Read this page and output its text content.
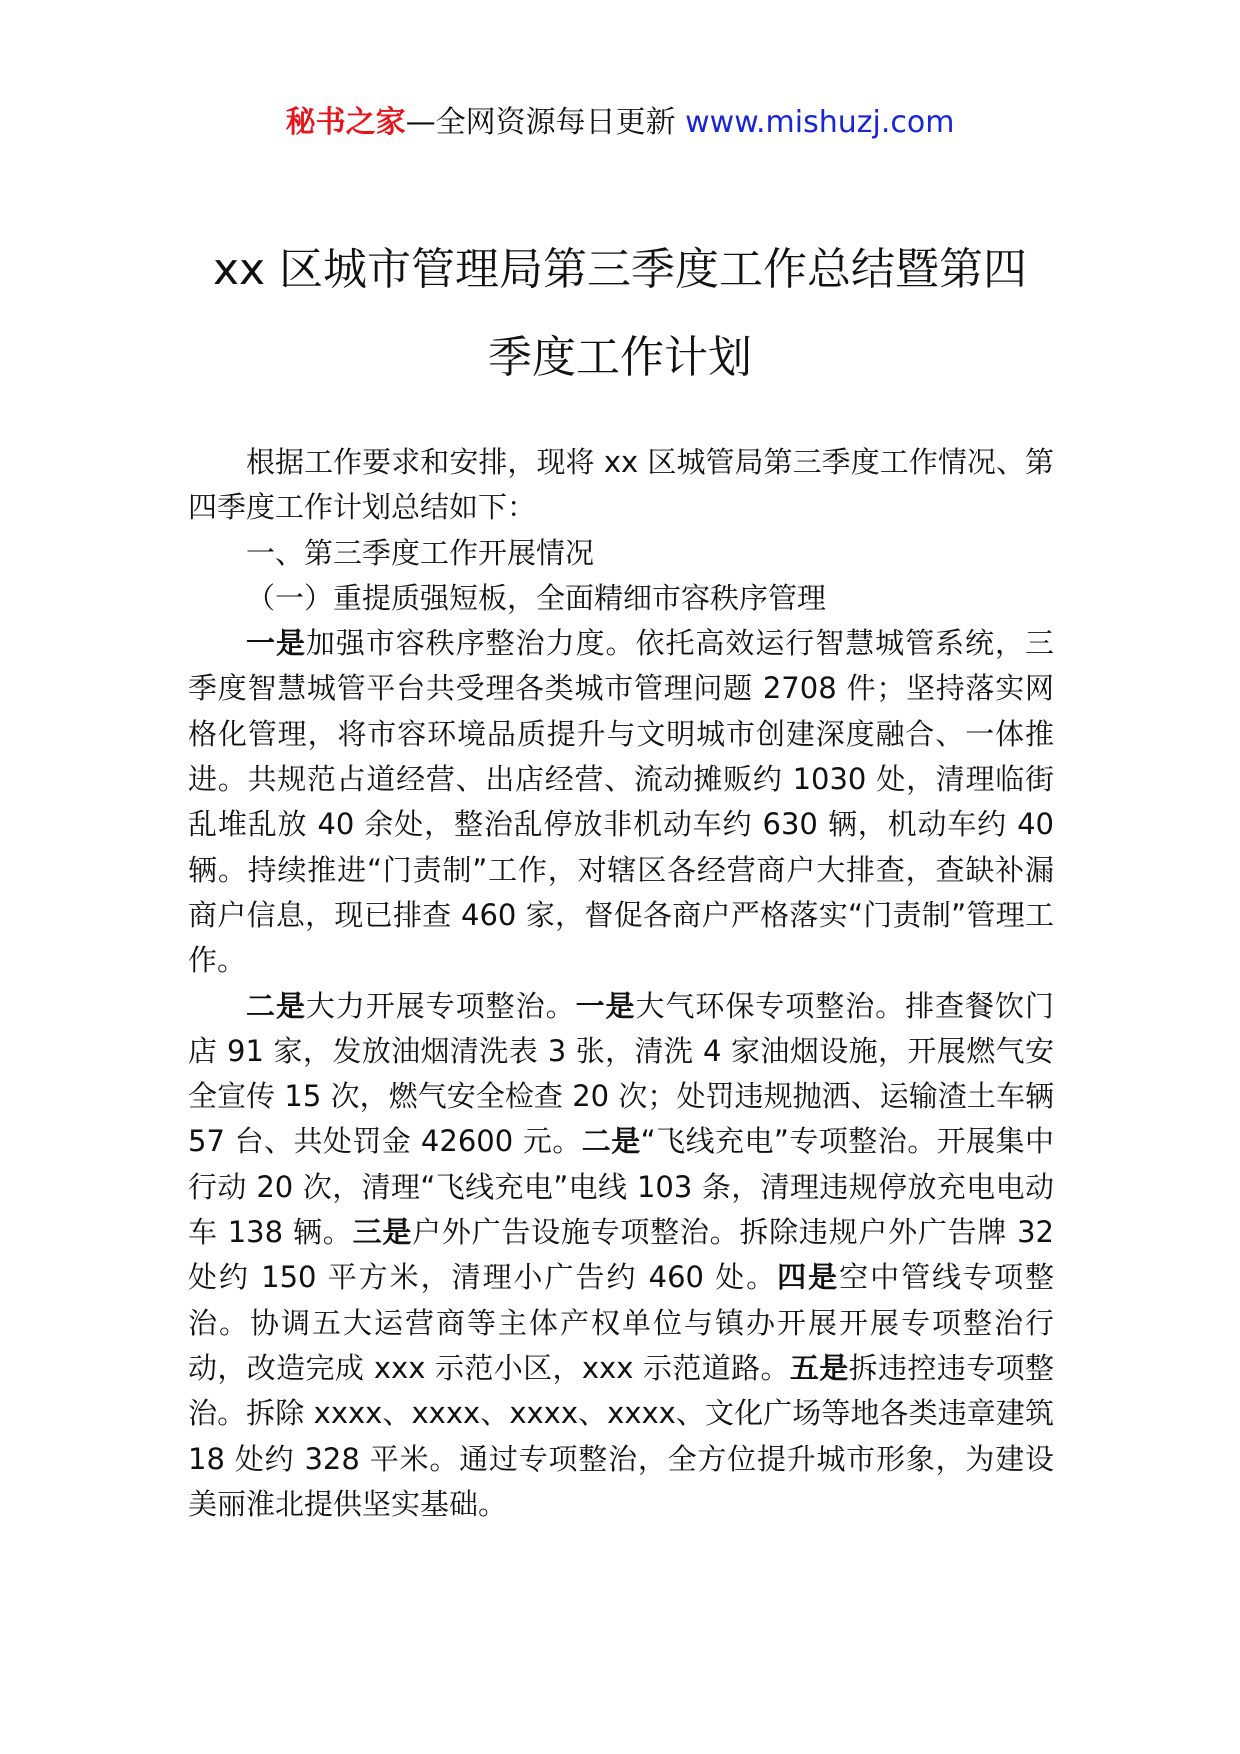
秘书之家—全网资源每日更新 www.mishuzj.com
xx 区城市管理局第三季度工作总结暨第四
季度工作计划

根据工作要求和安排，现将 xx 区城管局第三季度工作情况、第四季度工作计划总结如下：

一、第三季度工作开展情况

（一）重提质强短板，全面精细市容秩序管理

一是加强市容秩序整治力度。依托高效运行智慧城管系统，三季度智慧城管平台共受理各类城市管理问题 2708 件；坚持落实网格化管理，将市容环境品质提升与文明城市创建深度融合、一体推进。共规范占道经营、出店经营、流动摊贩约 1030 处，清理临街乱堆乱放 40 余处，整治乱停放非机动车约 630 辆，机动车约 40 辆。持续推进“门责制”工作，对辖区各经营商户大排查，查缺补漏商户信息，现已排查 460 家，督促各商户严格落实“门责制”管理工作。

二是大力开展专项整治。一是大气环保专项整治。排查餐饮门店 91 家，发放油烟清洗表 3 张，清洗 4 家油烟设施，开展燃气安全宣传 15 次，燃气安全检查 20 次；处罚违规抛洒、运输渣土车辆 57 台、共处罚金 42600 元。二是“飞线充电”专项整治。开展集中行动 20 次，清理“飞线充电”电线 103 条，清理违规停放充电电动车 138 辆。三是户外广告设施专项整治。拆除违规户外广告牌 32 处约 150 平方米，清理小广告约 460 处。四是空中管线专项整治。协调五大运营商等主体产权单位与镇办开展开展专项整治行动，改造完成 xxx 示范小区，xxx 示范道路。五是拆违控违专项整治。拆除 xxxx、xxxx、xxxx、xxxx、文化广场等地各类违章建筑 18 处约 328 平米。通过专项整治，全方位提升城市形象，为建设美丽淮北提供坚实基础。
